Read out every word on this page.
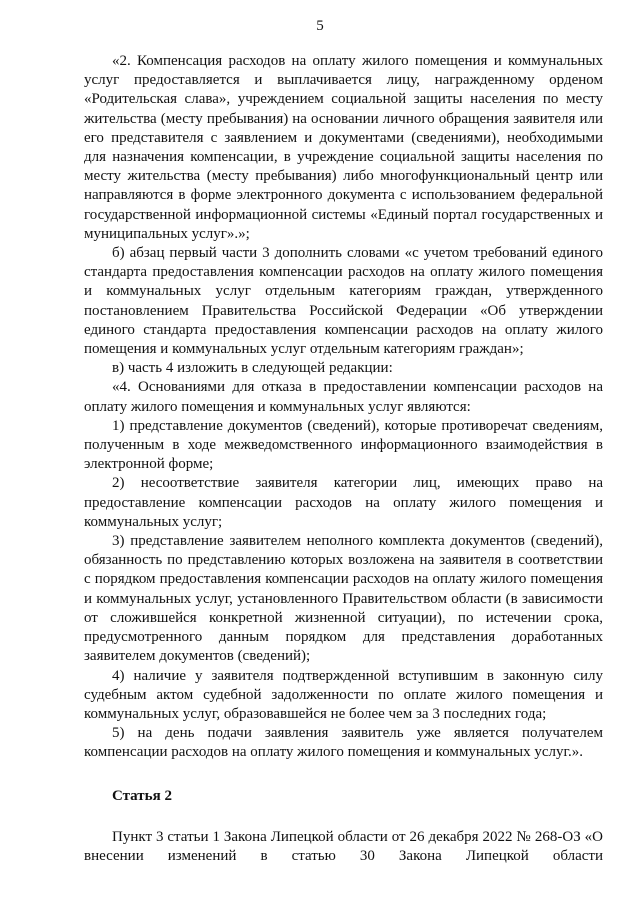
5

«2. Компенсация расходов на оплату жилого помещения и коммунальных услуг предоставляется и выплачивается лицу, награжденному орденом «Родительская слава», учреждением социальной защиты населения по месту жительства (месту пребывания) на основании личного обращения заявителя или его представителя с заявлением и документами (сведениями), необходимыми для назначения компенсации, в учреждение социальной защиты населения по месту жительства (месту пребывания) либо многофункциональный центр или направляются в форме электронного документа с использованием федеральной государственной информационной системы «Единый портал государственных и муниципальных услуг».»;

б) абзац первый части 3 дополнить словами «с учетом требований единого стандарта предоставления компенсации расходов на оплату жилого помещения и коммунальных услуг отдельным категориям граждан, утвержденного постановлением Правительства Российской Федерации «Об утверждении единого стандарта предоставления компенсации расходов на оплату жилого помещения и коммунальных услуг отдельным категориям граждан»;

в) часть 4 изложить в следующей редакции:

«4. Основаниями для отказа в предоставлении компенсации расходов на оплату жилого помещения и коммунальных услуг являются:

1) представление документов (сведений), которые противоречат сведениям, полученным в ходе межведомственного информационного взаимодействия в электронной форме;

2) несоответствие заявителя категории лиц, имеющих право на предоставление компенсации расходов на оплату жилого помещения и коммунальных услуг;

3) представление заявителем неполного комплекта документов (сведений), обязанность по представлению которых возложена на заявителя в соответствии с порядком предоставления компенсации расходов на оплату жилого помещения и коммунальных услуг, установленного Правительством области (в зависимости от сложившейся конкретной жизненной ситуации), по истечении срока, предусмотренного данным порядком для представления доработанных заявителем документов (сведений);

4) наличие у заявителя подтвержденной вступившим в законную силу судебным актом судебной задолженности по оплате жилого помещения и коммунальных услуг, образовавшейся не более чем за 3 последних года;

5) на день подачи заявления заявитель уже является получателем компенсации расходов на оплату жилого помещения и коммунальных услуг.».

Статья 2

Пункт 3 статьи 1 Закона Липецкой области от 26 декабря 2022 № 268-ОЗ «О внесении изменений в статью 30 Закона Липецкой области
